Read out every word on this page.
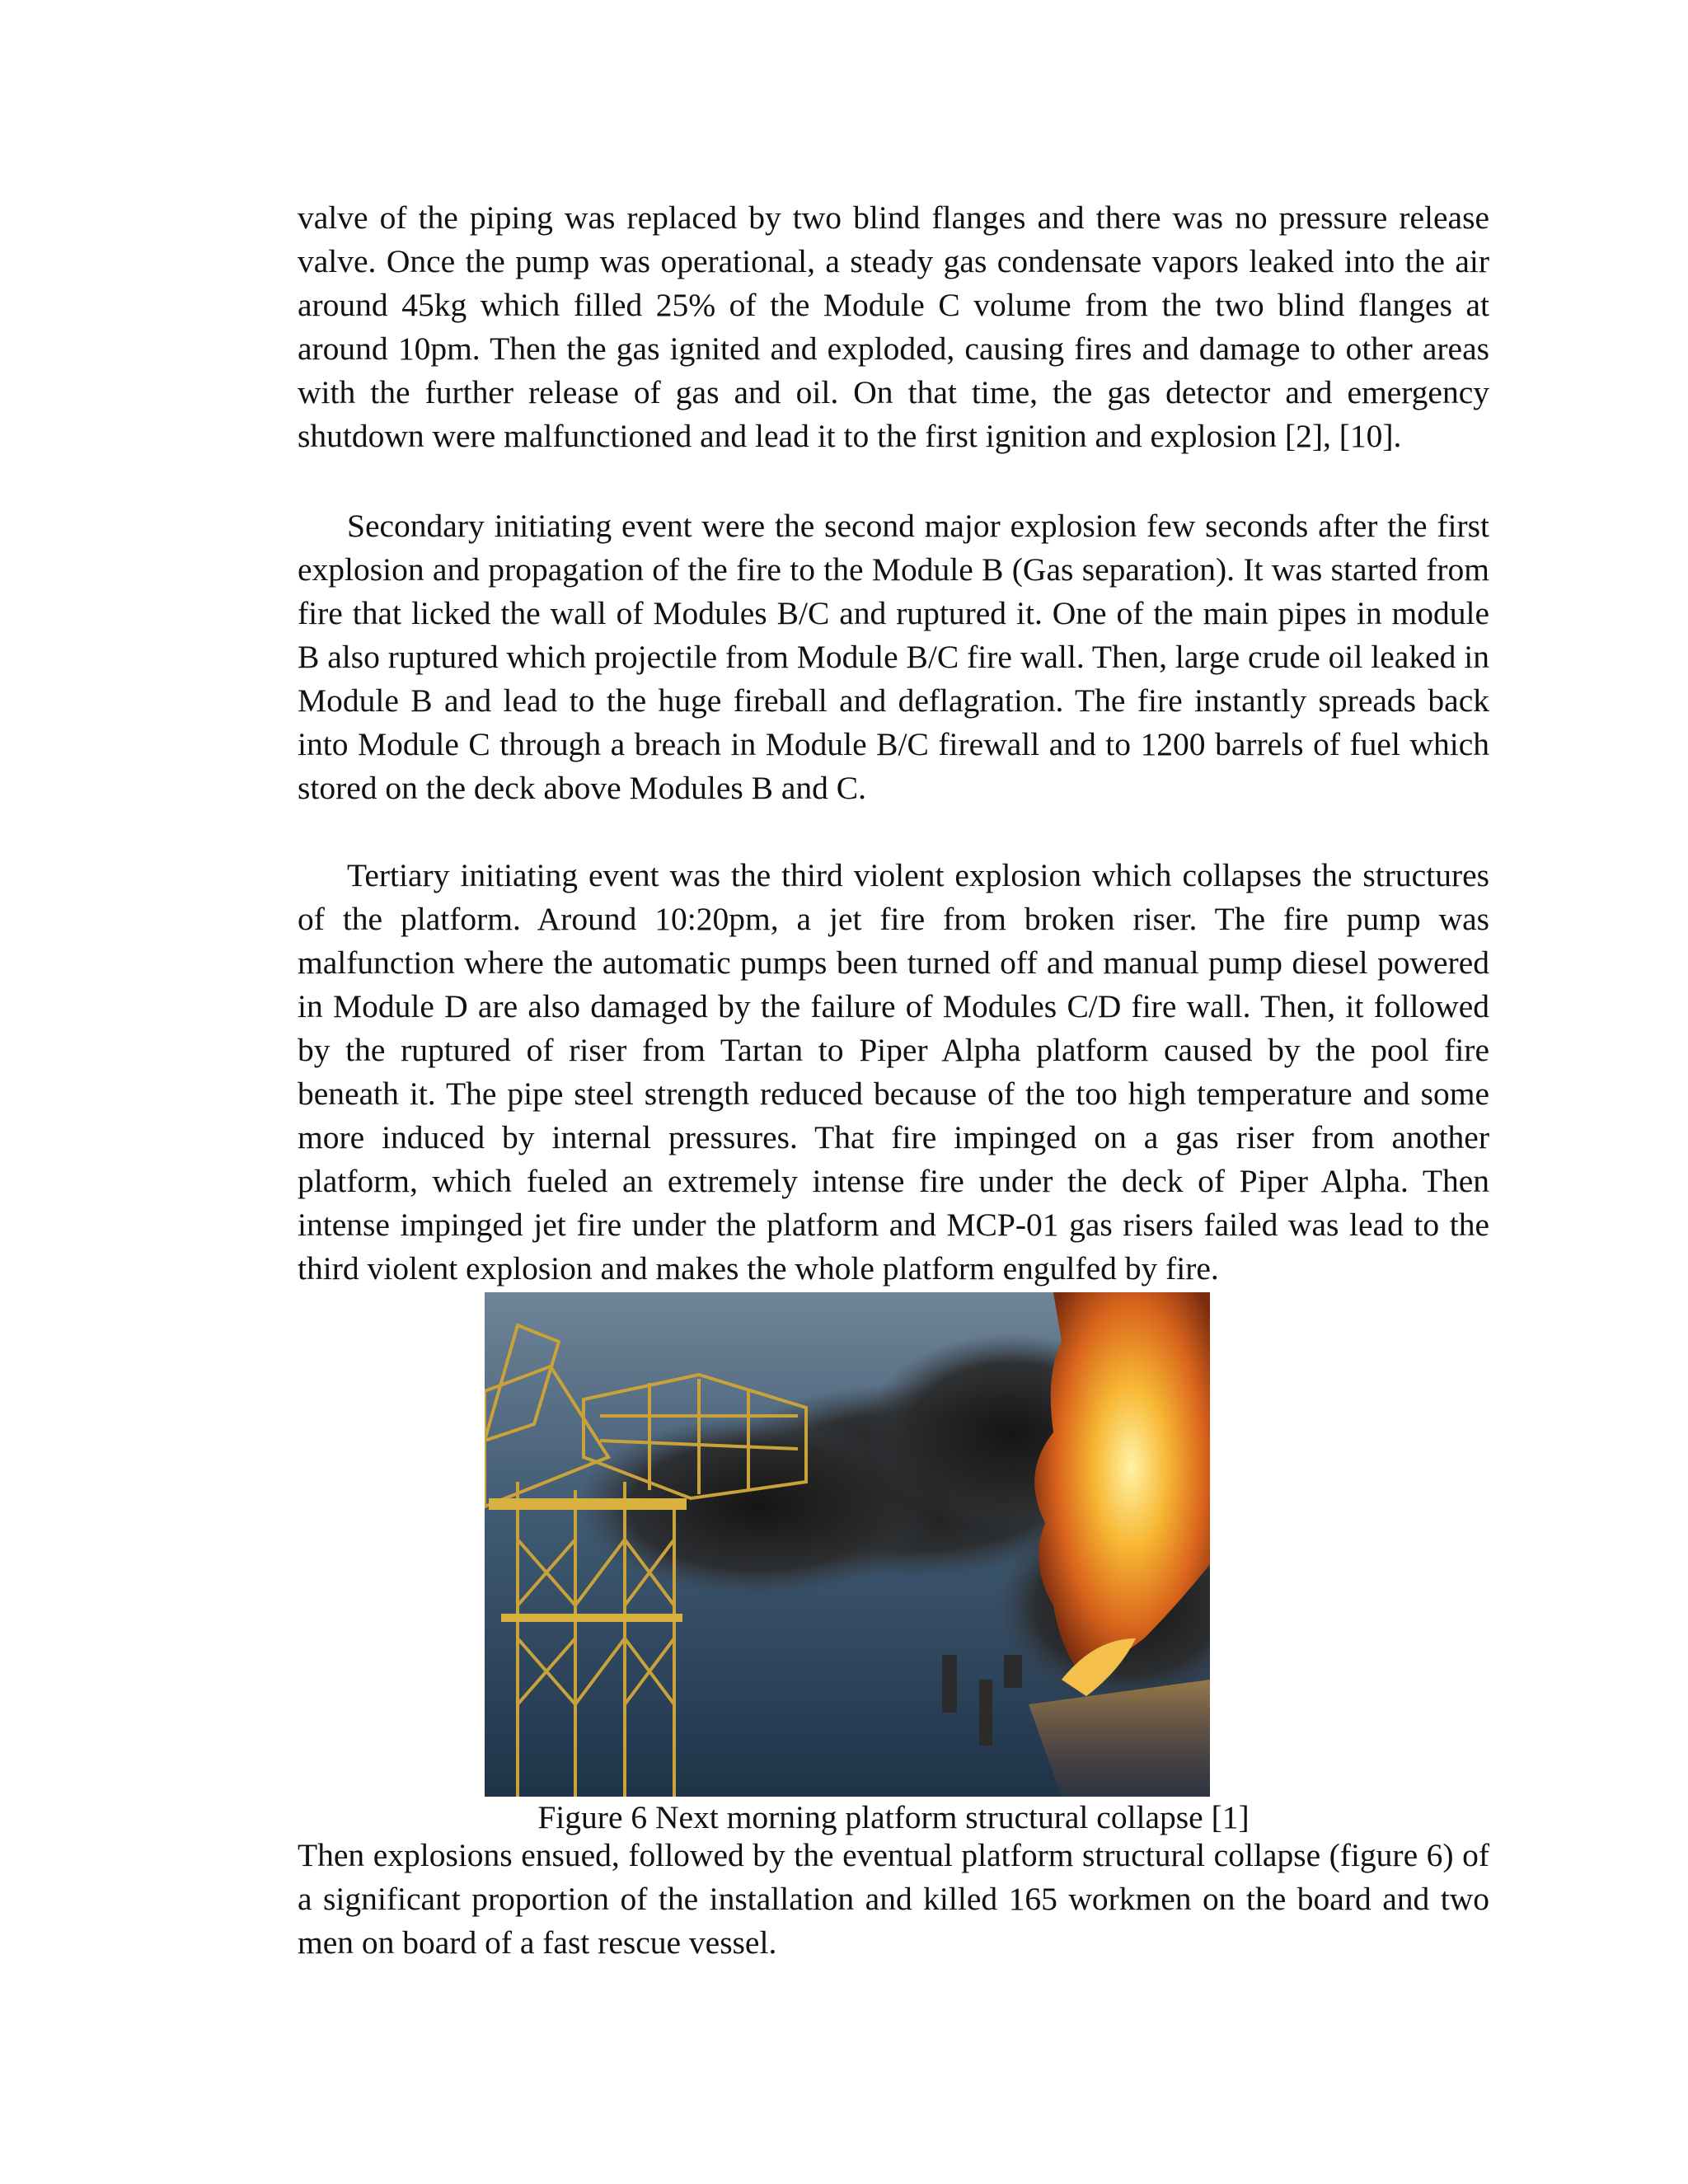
valve of the piping was replaced by two blind flanges and there was no pressure release valve. Once the pump was operational, a steady gas condensate vapors leaked into the air around 45kg which filled 25% of the Module C volume from the two blind flanges at around 10pm. Then the gas ignited and exploded, causing fires and damage to other areas with the further release of gas and oil. On that time, the gas detector and emergency shutdown were malfunctioned and lead it to the first ignition and explosion [2], [10].

Secondary initiating event were the second major explosion few seconds after the first explosion and propagation of the fire to the Module B (Gas separation). It was started from fire that licked the wall of Modules B/C and ruptured it. One of the main pipes in module B also ruptured which projectile from Module B/C fire wall. Then, large crude oil leaked in Module B and lead to the huge fireball and deflagration. The fire instantly spreads back into Module C through a breach in Module B/C firewall and to 1200 barrels of fuel which stored on the deck above Modules B and C.

Tertiary initiating event was the third violent explosion which collapses the structures of the platform. Around 10:20pm, a jet fire from broken riser. The fire pump was malfunction where the automatic pumps been turned off and manual pump diesel powered in Module D are also damaged by the failure of Modules C/D fire wall. Then, it followed by the ruptured of riser from Tartan to Piper Alpha platform caused by the pool fire beneath it. The pipe steel strength reduced because of the too high temperature and some more induced by internal pressures. That fire impinged on a gas riser from another platform, which fueled an extremely intense fire under the deck of Piper Alpha. Then intense impinged jet fire under the platform and MCP-01 gas risers failed was lead to the third violent explosion and makes the whole platform engulfed by fire.

Figure 6 Next morning platform structural collapse [1]

Then explosions ensued, followed by the eventual platform structural collapse (figure 6) of a significant proportion of the installation and killed 165 workmen on the board and two men on board of a fast rescue vessel.
